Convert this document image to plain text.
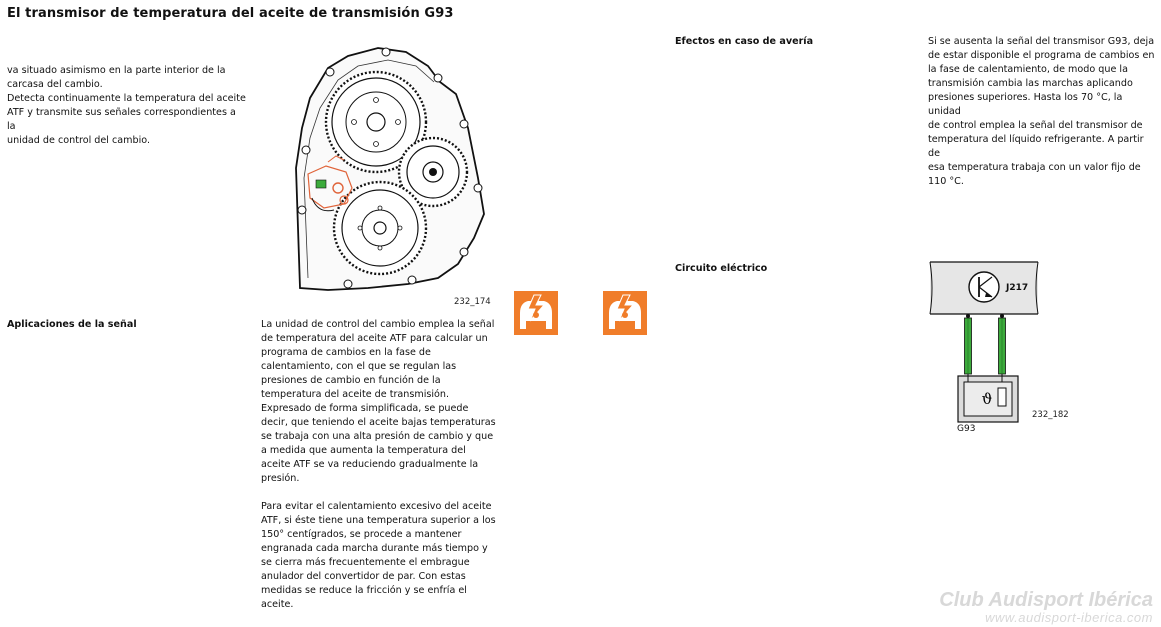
El transmisor de temperatura del aceite de transmisión G93

va situado asimismo en la parte interior de la
carcasa del cambio.

Detecta continuamente la temperatura del aceite
ATF y transmite sus señales correspondientes a la
unidad de control del cambio.

232_174
Aplicaciones de la señal	La unidad de control del cambio emplea la señal
de temperatura del aceite ATF para calcular un
programa de cambios en la fase de
calentamiento, con el que se regulan las
presiones de cambio en función de la
temperatura del aceite de transmisión.

Expresado de forma simplificada, se puede
decir, que teniendo el aceite bajas temperaturas
se trabaja con una alta presión de cambio y que
a medida que aumenta la temperatura del
aceite ATF se va reduciendo gradualmente la
presión.

Para evitar el calentamiento excesivo del aceite
ATF, si éste tiene una temperatura superior a los
150° centígrados, se procede a mantener
engranada cada marcha durante más tiempo y
se cierra más frecuentemente el embrague
anulador del convertidor de par. Con estas
medidas se reduce la fricción y se enfría el
aceite.

Efectos en caso de avería	Si se ausenta la señal del transmisor G93, deja
de estar disponible el programa de cambios en
la fase de calentamiento, de modo que la
transmisión cambia las marchas aplicando
presiones superiores. Hasta los 70 °C, la unidad
de control emplea la señal del transmisor de
temperatura del líquido refrigerante. A partir de
esa temperatura trabaja con un valor fijo de
110 °C.

Circuito eléctrico
ϑ
J217
G93
232_182
Club Audisport Ibérica
www.audisport-iberica.com
